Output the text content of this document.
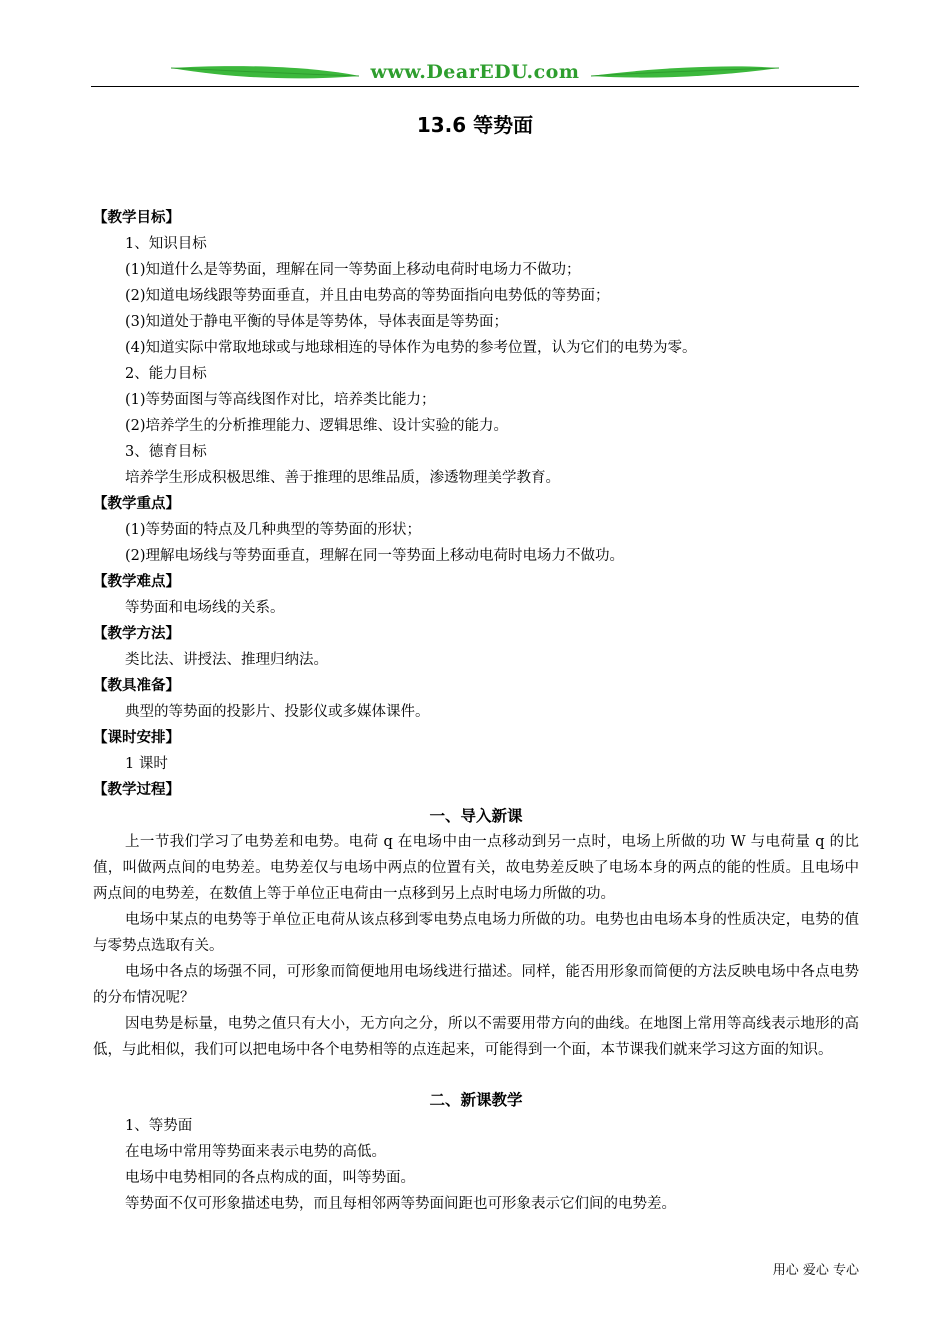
www.DearEDU.com
13.6 等势面
【教学目标】
1、知识目标
(1)知道什么是等势面，理解在同一等势面上移动电荷时电场力不做功；
(2)知道电场线跟等势面垂直，并且由电势高的等势面指向电势低的等势面；
(3)知道处于静电平衡的导体是等势体，导体表面是等势面；
(4)知道实际中常取地球或与地球相连的导体作为电势的参考位置，认为它们的电势为零。
2、能力目标
(1)等势面图与等高线图作对比，培养类比能力；
(2)培养学生的分析推理能力、逻辑思维、设计实验的能力。
3、德育目标
培养学生形成积极思维、善于推理的思维品质，渗透物理美学教育。
【教学重点】
(1)等势面的特点及几种典型的等势面的形状；
(2)理解电场线与等势面垂直，理解在同一等势面上移动电荷时电场力不做功。
【教学难点】
等势面和电场线的关系。
【教学方法】
类比法、讲授法、推理归纳法。
【教具准备】
典型的等势面的投影片、投影仪或多媒体课件。
【课时安排】
1 课时
【教学过程】
一、导入新课
上一节我们学习了电势差和电势。电荷 q 在电场中由一点移动到另一点时，电场上所做的功 W 与电荷量 q 的比值，叫做两点间的电势差。电势差仅与电场中两点的位置有关，故电势差反映了电场本身的两点的能的性质。且电场中两点间的电势差，在数值上等于单位正电荷由一点移到另上点时电场力所做的功。
电场中某点的电势等于单位正电荷从该点移到零电势点电场力所做的功。电势也由电场本身的性质决定，电势的值与零势点选取有关。
电场中各点的场强不同，可形象而简便地用电场线进行描述。同样，能否用形象而简便的方法反映电场中各点电势的分布情况呢？
因电势是标量，电势之值只有大小，无方向之分，所以不需要用带方向的曲线。在地图上常用等高线表示地形的高低，与此相似，我们可以把电场中各个电势相等的点连起来，可能得到一个面，本节课我们就来学习这方面的知识。
二、新课教学
1、等势面
在电场中常用等势面来表示电势的高低。
电场中电势相同的各点构成的面，叫等势面。
等势面不仅可形象描述电势，而且每相邻两等势面间距也可形象表示它们间的电势差。
用心 爱心 专心
